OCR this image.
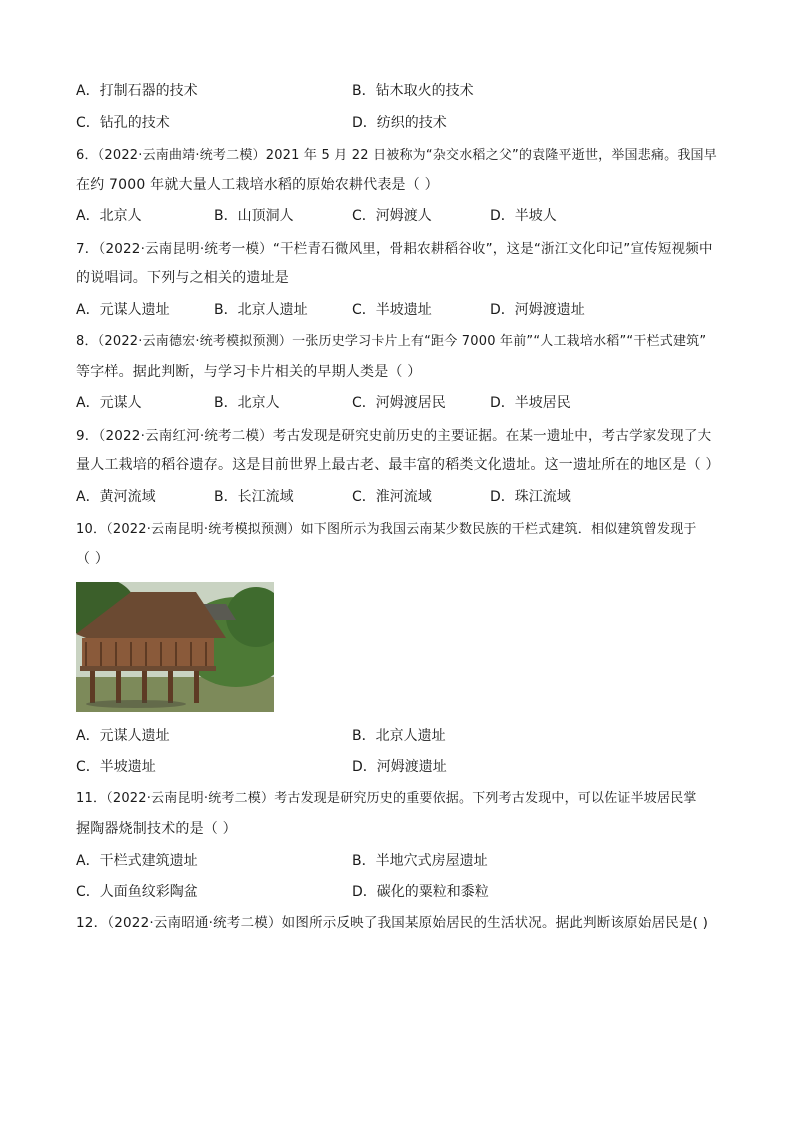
A．打制石器的技术	B．钻木取火的技术
C．钻孔的技术	D．纺织的技术
6．（2022·云南曲靖·统考二模）2021 年 5 月 22 日被称为“杂交水稻之父”的袁隆平逝世，举国悲痛。我国早
在约 7000 年就大量人工栽培水稻的原始农耕代表是（ ）
A．北京人	B．山顶洞人	C．河姆渡人	D．半坡人
7．（2022·云南昆明·统考一模）“干栏青石微风里，骨耜农耕稻谷收”，这是“浙江文化印记”宣传短视频中
的说唱词。下列与之相关的遗址是
A．元谋人遗址	B．北京人遗址	C．半坡遗址	D．河姆渡遗址
8．（2022·云南德宏·统考模拟预测）一张历史学习卡片上有“距今 7000 年前”“人工栽培水稻”“干栏式建筑”
等字样。据此判断，与学习卡片相关的早期人类是（ ）
A．元谋人	B．北京人	C．河姆渡居民	D．半坡居民
9．（2022·云南红河·统考二模）考古发现是研究史前历史的主要证据。在某一遗址中，考古学家发现了大
量人工栽培的稻谷遗存。这是目前世界上最古老、最丰富的稻类文化遗址。这一遗址所在的地区是（ ）
A．黄河流域	B．长江流域	C．淮河流域	D．珠江流域
10．（2022·云南昆明·统考模拟预测）如下图所示为我国云南某少数民族的干栏式建筑．相似建筑曾发现于
（ ）
A．元谋人遗址	B．北京人遗址
C．半坡遗址	D．河姆渡遗址
11．（2022·云南昆明·统考二模）考古发现是研究历史的重要依据。下列考古发现中，可以佐证半坡居民掌
握陶器烧制技术的是（ ）
A．干栏式建筑遗址	B．半地穴式房屋遗址
C．人面鱼纹彩陶盆	D．碳化的粟粒和黍粒
12．（2022·云南昭通·统考二模）如图所示反映了我国某原始居民的生活状况。据此判断该原始居民是( )
